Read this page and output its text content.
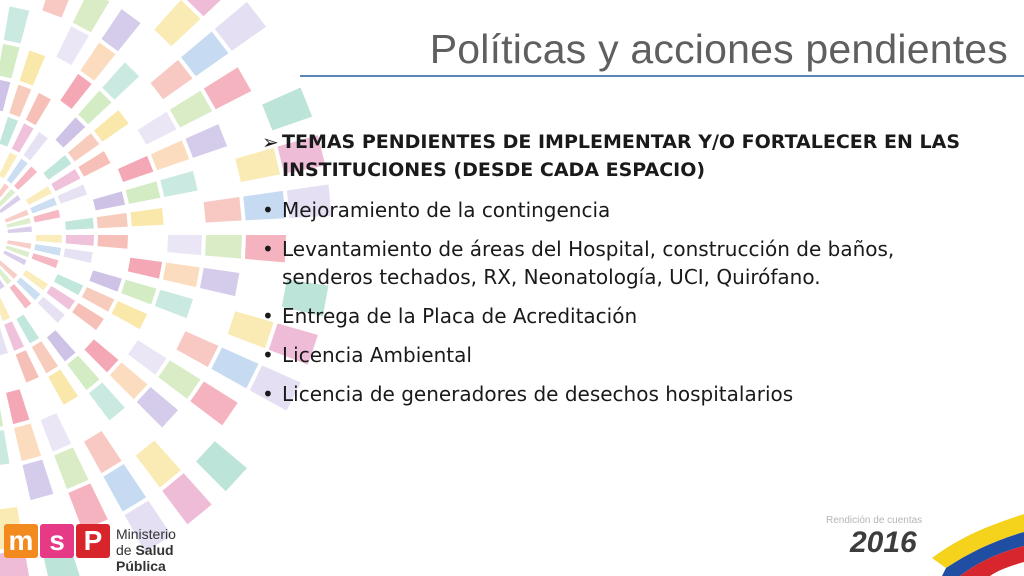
Políticas y acciones pendientes
➢ TEMAS PENDIENTES DE IMPLEMENTAR Y/O FORTALECER EN LAS INSTITUCIONES (DESDE CADA ESPACIO)
• Mejoramiento de la contingencia
• Levantamiento de áreas del Hospital, construcción de baños, senderos techados, RX, Neonatología, UCI, Quirófano.
• Entrega de la Placa de Acreditación
• Licencia Ambiental
• Licencia de generadores de desechos hospitalarios
m s P Ministerio
de Salud Pública
Rendición de cuentas
2016
